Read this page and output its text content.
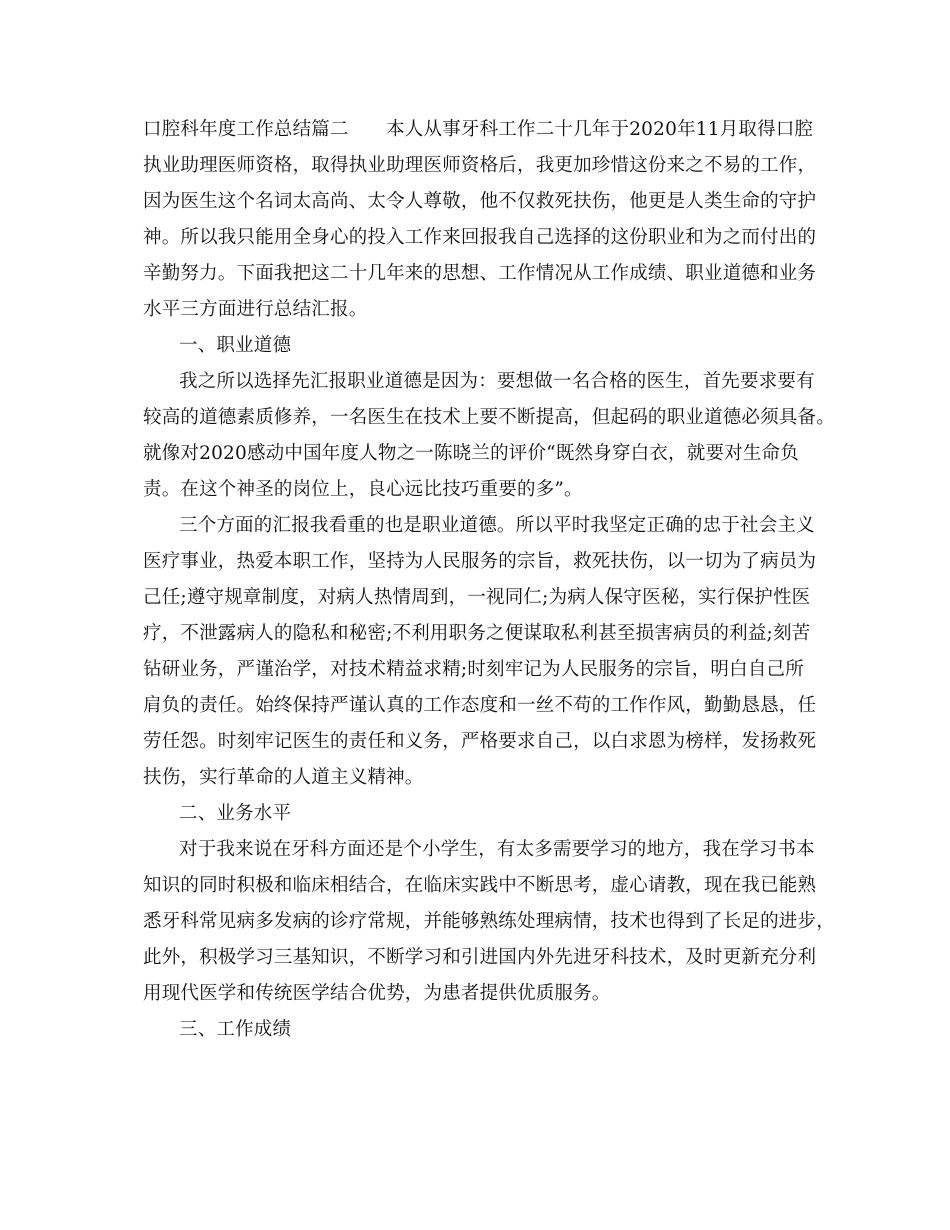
口腔科年度工作总结篇二　　本人从事牙科工作二十几年于2020年11月取得口腔
执业助理医师资格，取得执业助理医师资格后，我更加珍惜这份来之不易的工作，
因为医生这个名词太高尚、太令人尊敬，他不仅救死扶伤，他更是人类生命的守护
神。所以我只能用全身心的投入工作来回报我自己选择的这份职业和为之而付出的
辛勤努力。下面我把这二十几年来的思想、工作情况从工作成绩、职业道德和业务
水平三方面进行总结汇报。
一、职业道德
我之所以选择先汇报职业道德是因为：要想做一名合格的医生，首先要求要有
较高的道德素质修养，一名医生在技术上要不断提高，但起码的职业道德必须具备。
就像对2020感动中国年度人物之一陈晓兰的评价“既然身穿白衣，就要对生命负
责。在这个神圣的岗位上，良心远比技巧重要的多”。
三个方面的汇报我看重的也是职业道德。所以平时我坚定正确的忠于社会主义
医疗事业，热爱本职工作，坚持为人民服务的宗旨，救死扶伤，以一切为了病员为
己任;遵守规章制度，对病人热情周到，一视同仁;为病人保守医秘，实行保护性医
疗，不泄露病人的隐私和秘密;不利用职务之便谋取私利甚至损害病员的利益;刻苦
钻研业务，严谨治学，对技术精益求精;时刻牢记为人民服务的宗旨，明白自己所
肩负的责任。始终保持严谨认真的工作态度和一丝不苟的工作作风，勤勤恳恳，任
劳任怨。时刻牢记医生的责任和义务，严格要求自己，以白求恩为榜样，发扬救死
扶伤，实行革命的人道主义精神。
二、业务水平
对于我来说在牙科方面还是个小学生，有太多需要学习的地方，我在学习书本
知识的同时积极和临床相结合，在临床实践中不断思考，虚心请教，现在我已能熟
悉牙科常见病多发病的诊疗常规，并能够熟练处理病情，技术也得到了长足的进步，
此外，积极学习三基知识，不断学习和引进国内外先进牙科技术，及时更新充分利
用现代医学和传统医学结合优势，为患者提供优质服务。
三、工作成绩
